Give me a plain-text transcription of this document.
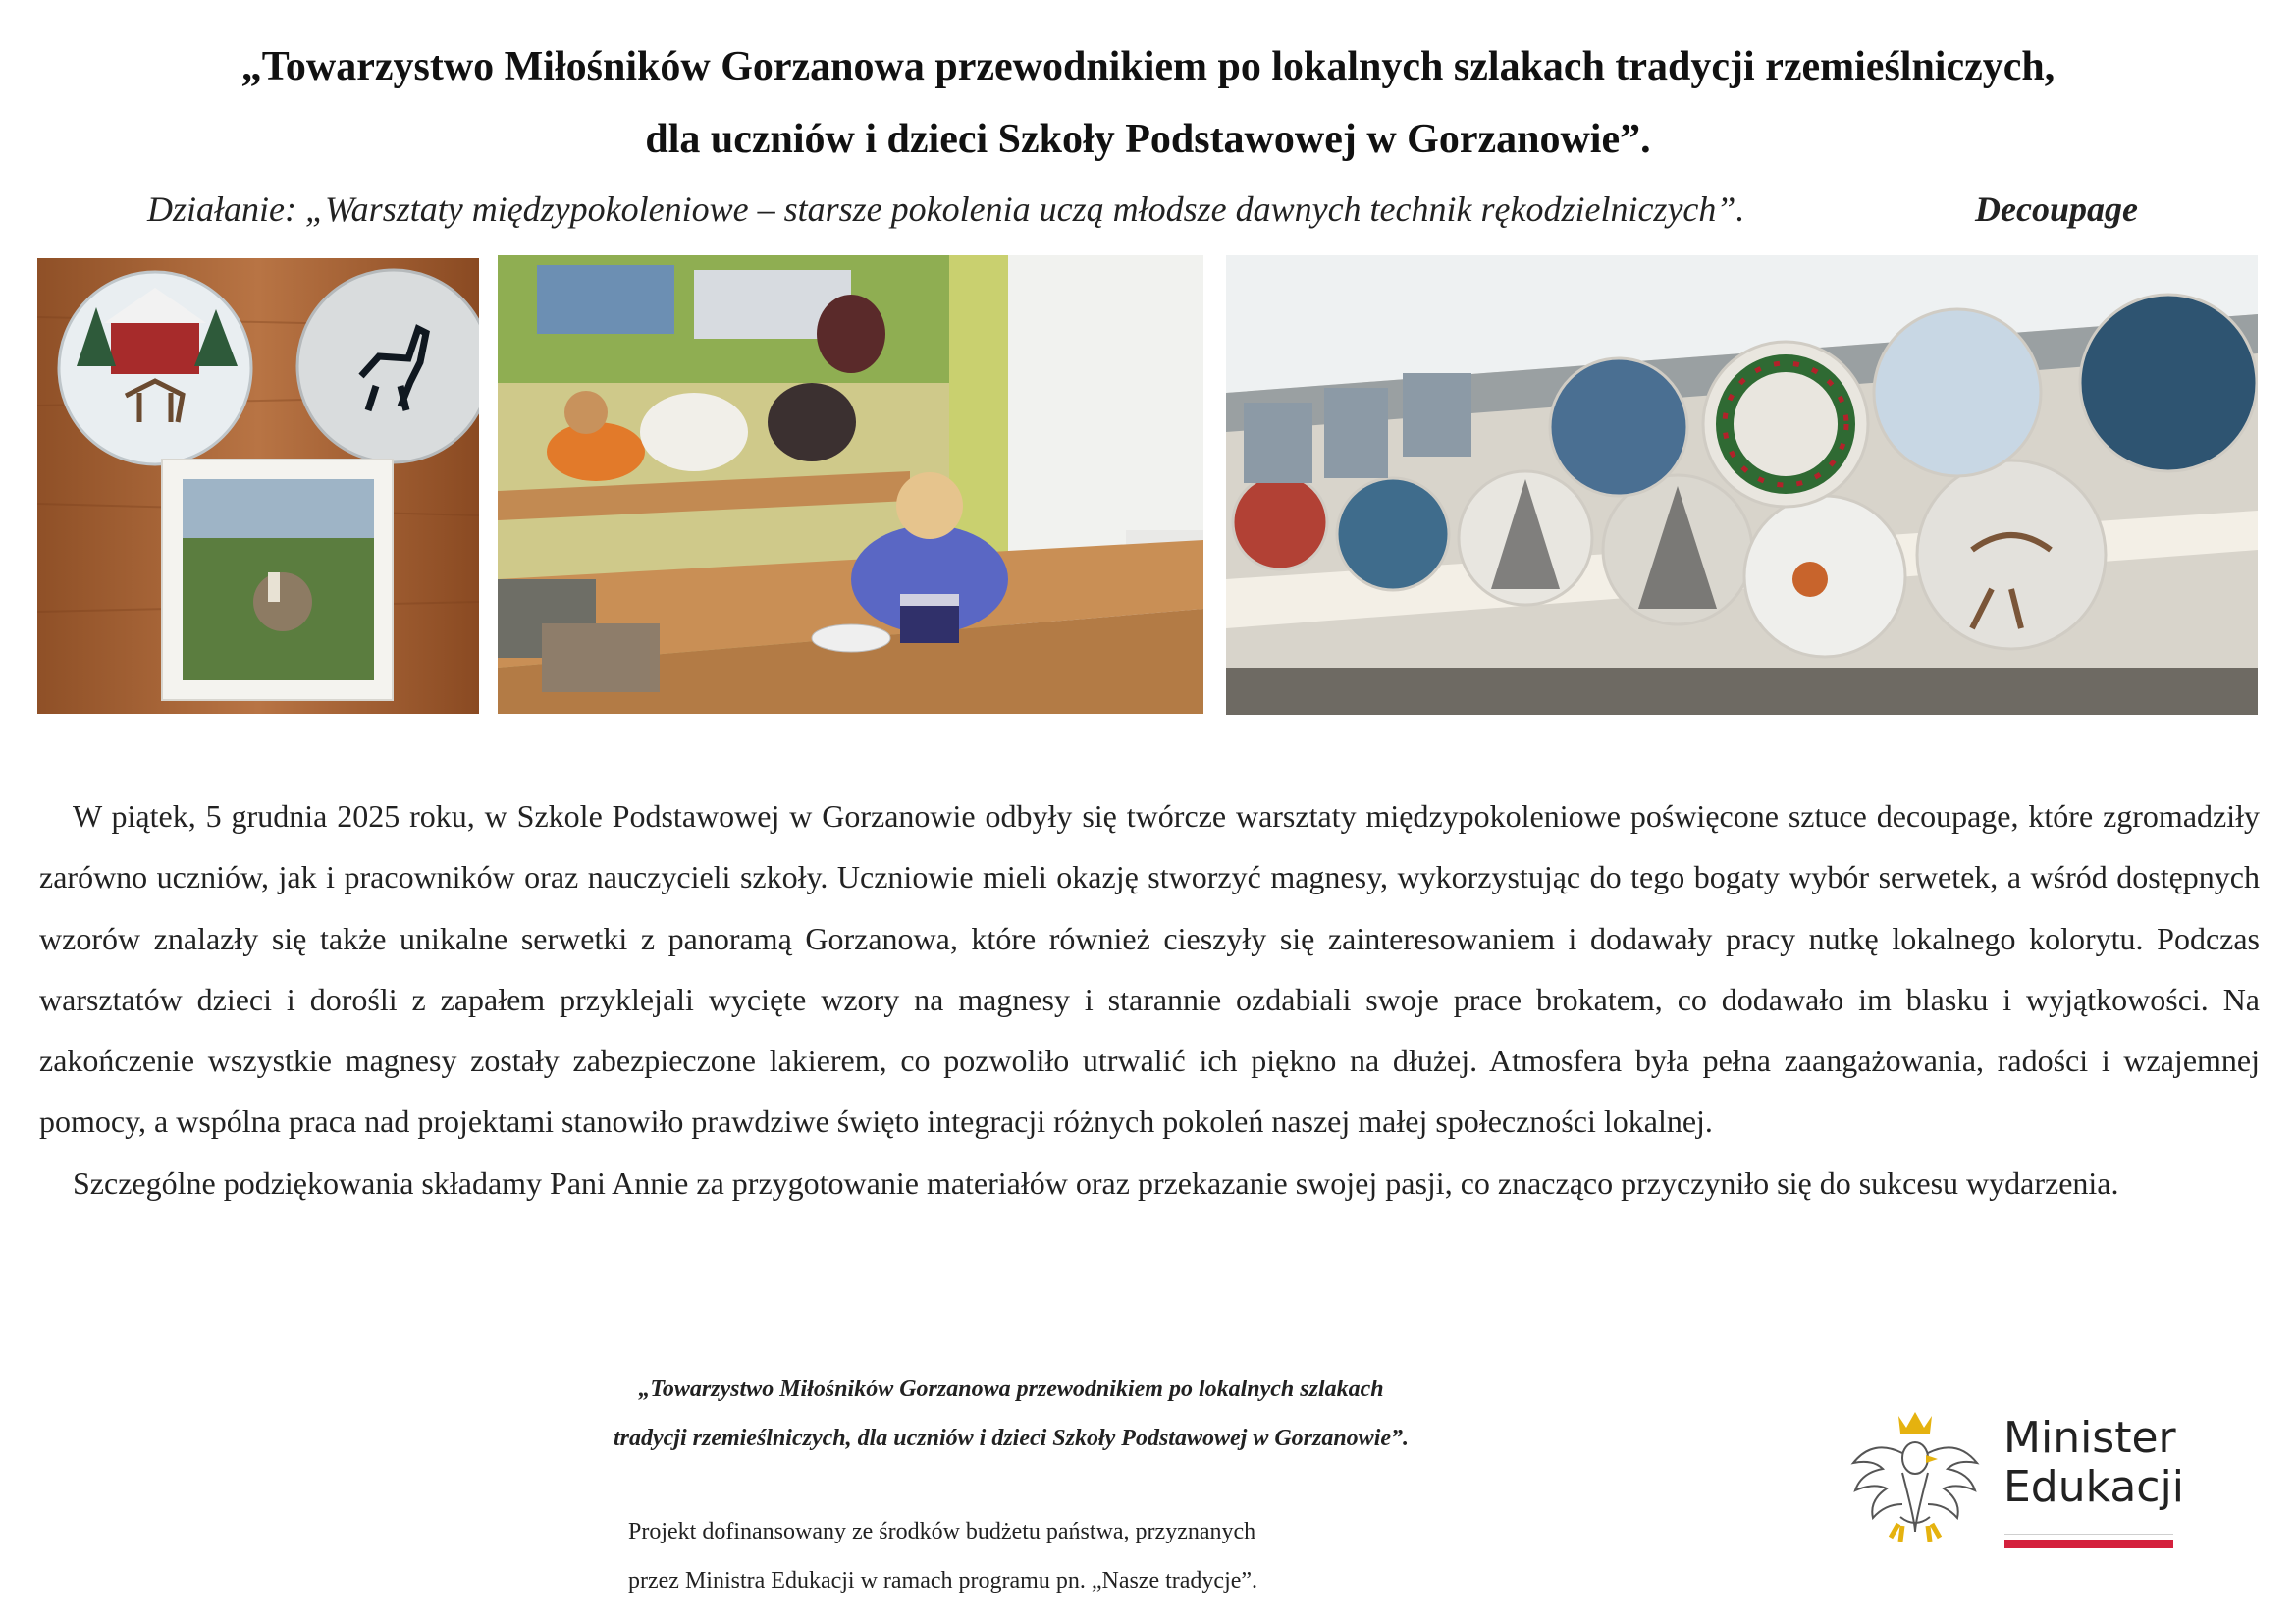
„Towarzystwo Miłośników Gorzanowa przewodnikiem po lokalnych szlakach tradycji rzemieślniczych,
dla uczniów i dzieci Szkoły Podstawowej w Gorzanowie”.
Działanie: „Warsztaty międzypokoleniowe – starsze pokolenia uczą młodsze dawnych technik rękodzielniczych”.	Decoupage

W piątek, 5 grudnia 2025 roku, w Szkole Podstawowej w Gorzanowie odbyły się twórcze warsztaty międzypokoleniowe poświęcone sztuce decoupage, które zgromadziły zarówno uczniów, jak i pracowników oraz nauczycieli szkoły. Uczniowie mieli okazję stworzyć magnesy, wykorzystując do tego bogaty wybór serwetek, a wśród dostępnych wzorów znalazły się także unikalne serwetki z panoramą Gorzanowa, które również cieszyły się zainteresowaniem i dodawały pracy nutkę lokalnego kolorytu. Podczas warsztatów dzieci i dorośli z zapałem przyklejali wycięte wzory na magnesy i starannie ozdabiali swoje prace brokatem, co dodawało im blasku i wyjątkowości. Na zakończenie wszystkie magnesy zostały zabezpieczone lakierem, co pozwoliło utrwalić ich piękno na dłużej. Atmosfera była pełna zaangażowania, radości i wzajemnej pomocy, a wspólna praca nad projektami stanowiło prawdziwe święto integracji różnych pokoleń naszej małej społeczności lokalnej.

Szczególne podziękowania składamy Pani Annie za przygotowanie materiałów oraz przekazanie swojej pasji, co znacząco przyczyniło się do sukcesu wydarzenia.

„Towarzystwo Miłośników Gorzanowa przewodnikiem po lokalnych szlakach
tradycji rzemieślniczych, dla uczniów i dzieci Szkoły Podstawowej w Gorzanowie”.
Projekt dofinansowany ze środków budżetu państwa, przyznanych
przez Ministra Edukacji w ramach programu pn. „Nasze tradycje”.
Minister
Edukacji
